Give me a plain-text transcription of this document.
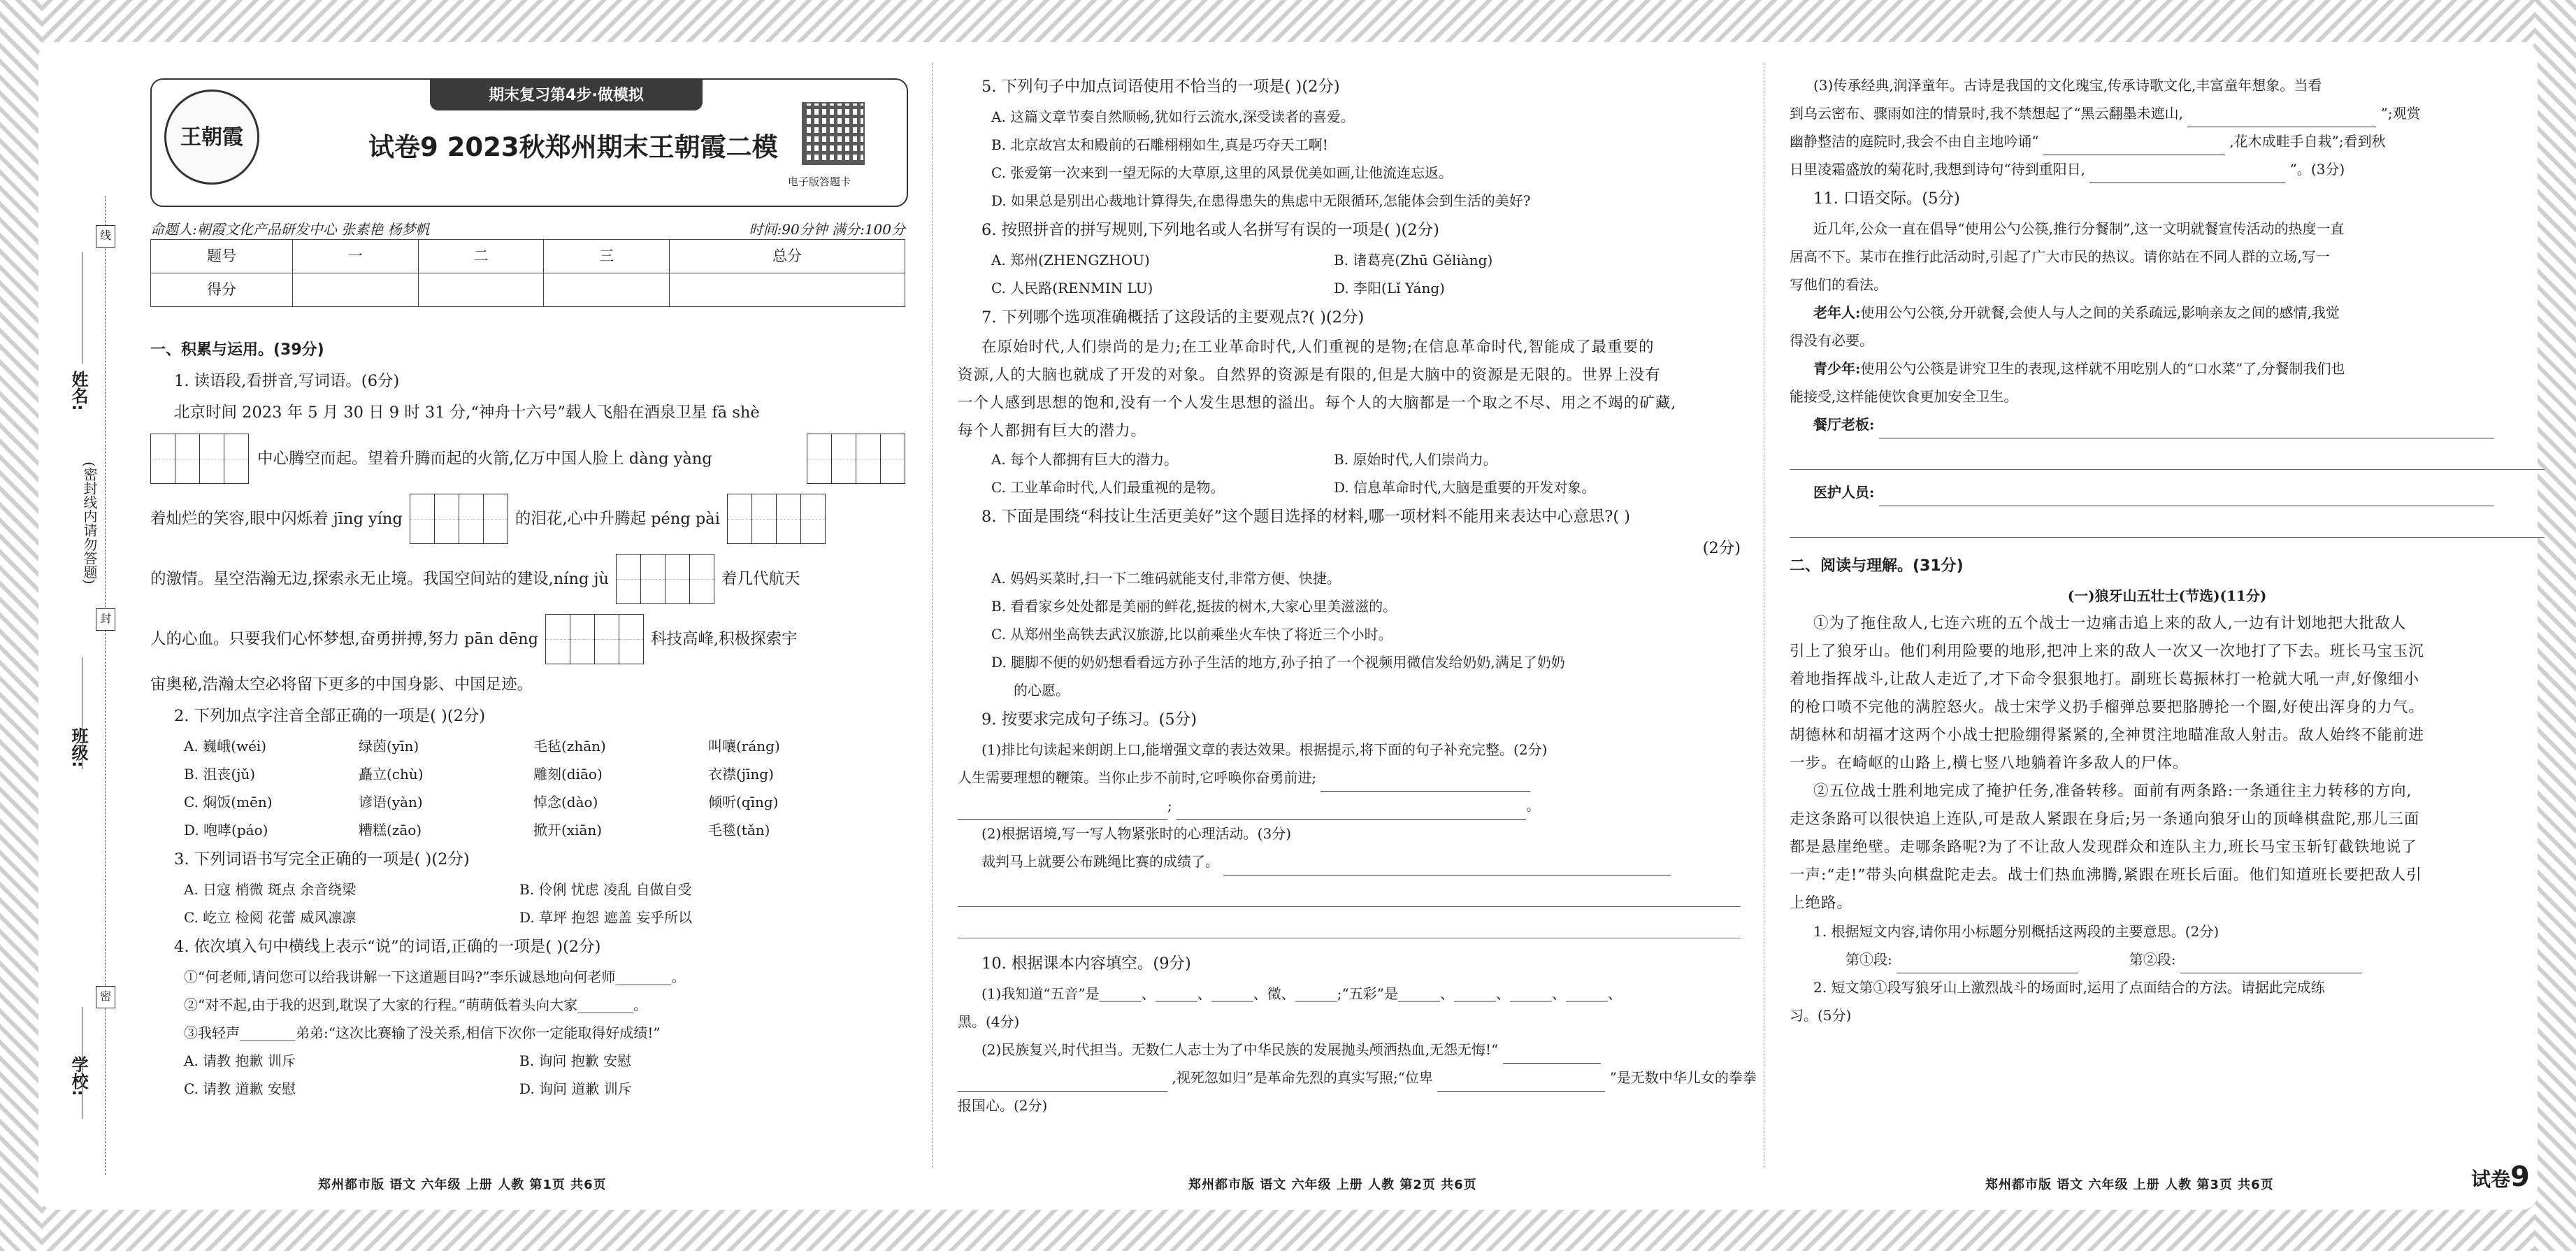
线
封
密
姓名:
(密封线内请勿答题)
班级:
学校:
王朝霞
期末复习第4步·做模拟
试卷9 2023秋郑州期末王朝霞二模
电子版答题卡
命题人:朝霞文化产品研发中心 张素艳 杨梦帆	时间:90分钟 满分:100分
题号	一	二	三	总分
得分				

一、积累与运用。(39分)

1. 读语段,看拼音,写词语。(6分)

北京时间 2023 年 5 月 30 日 9 时 31 分,“神舟十六号”载人飞船在酒泉卫星 fā shè

中心腾空而起。望着升腾而起的火箭,亿万中国人脸上 dàng yàng
着灿烂的笑容,眼中闪烁着 jīng yíng	的泪花,心中升腾起 péng pài
的激情。星空浩瀚无边,探索永无止境。我国空间站的建设,níng jù	着几代航天
人的心血。只要我们心怀梦想,奋勇拼搏,努力 pān dēng	科技高峰,积极探索宇

宙奥秘,浩瀚太空必将留下更多的中国身影、中国足迹。

2. 下列加点字注音全部正确的一项是( )(2分)

A. 巍峨(wéi)	绿茵(yīn)	毛毡(zhān)	叫嚷(ráng)
B. 沮丧(jǔ)	矗立(chù)	雕刻(diāo)	衣襟(jīng)
C. 焖饭(mēn)	谚语(yàn)	悼念(dào)	倾听(qīng)
D. 咆哮(páo)	糟糕(zāo)	掀开(xiān)	毛毯(tǎn)

3. 下列词语书写完全正确的一项是( )(2分)

A. 日寇 梢微 斑点 余音绕梁	B. 伶俐 忧虑 凌乱 自做自受
C. 屹立 检阅 花蕾 威风凛凛	D. 草坪 抱怨 遮盖 妄乎所以

4. 依次填入句中横线上表示“说”的词语,正确的一项是( )(2分)

①“何老师,请问您可以给我讲解一下这道题目吗?”李乐诚恳地向何老师________。

②“对不起,由于我的迟到,耽误了大家的行程。”萌萌低着头向大家________。

③我轻声________弟弟:“这次比赛输了没关系,相信下次你一定能取得好成绩!”

A. 请教 抱歉 训斥	B. 询问 抱歉 安慰
C. 请教 道歉 安慰	D. 询问 道歉 训斥
郑州都市版 语文 六年级 上册 人教 第1页 共6页

5. 下列句子中加点词语使用不恰当的一项是( )(2分)

A. 这篇文章节奏自然顺畅,犹如行云流水,深受读者的喜爱。

B. 北京故宫太和殿前的石雕栩栩如生,真是巧夺天工啊!

C. 张爱第一次来到一望无际的大草原,这里的风景优美如画,让他流连忘返。

D. 如果总是别出心裁地计算得失,在患得患失的焦虑中无限循环,怎能体会到生活的美好?

6. 按照拼音的拼写规则,下列地名或人名拼写有误的一项是( )(2分)

A. 郑州(ZHENGZHOU)	B. 诸葛亮(Zhū Gěliàng)
C. 人民路(RENMIN LU)	D. 李阳(Lǐ Yáng)

7. 下列哪个选项准确概括了这段话的主要观点?( )(2分)

在原始时代,人们崇尚的是力;在工业革命时代,人们重视的是物;在信息革命时代,智能成了最重要的

资源,人的大脑也就成了开发的对象。自然界的资源是有限的,但是大脑中的资源是无限的。世界上没有

一个人感到思想的饱和,没有一个人发生思想的溢出。每个人的大脑都是一个取之不尽、用之不竭的矿藏,

每个人都拥有巨大的潜力。

A. 每个人都拥有巨大的潜力。	B. 原始时代,人们崇尚力。
C. 工业革命时代,人们最重视的是物。	D. 信息革命时代,大脑是重要的开发对象。

8. 下面是围绕“科技让生活更美好”这个题目选择的材料,哪一项材料不能用来表达中心意思?( )

(2分)

A. 妈妈买菜时,扫一下二维码就能支付,非常方便、快捷。

B. 看看家乡处处都是美丽的鲜花,挺拔的树木,大家心里美滋滋的。

C. 从郑州坐高铁去武汉旅游,比以前乘坐火车快了将近三个小时。

D. 腿脚不便的奶奶想看看远方孙子生活的地方,孙子拍了一个视频用微信发给奶奶,满足了奶奶

的心愿。

9. 按要求完成句子练习。(5分)

(1)排比句读起来朗朗上口,能增强文章的表达效果。根据提示,将下面的句子补充完整。(2分)

人生需要理想的鞭策。当你止步不前时,它呼唤你奋勇前进;

;	。

(2)根据语境,写一写人物紧张时的心理活动。(3分)

裁判马上就要公布跳绳比赛的成绩了。

10. 根据课本内容填空。(9分)

(1)我知道“五音”是______、______、______、徵、______;“五彩”是______、______、______、______、

黑。(4分)

(2)民族复兴,时代担当。无数仁人志士为了中华民族的发展抛头颅洒热血,无怨无悔!“

,视死忽如归”是革命先烈的真实写照;“位卑	”是无数中华儿女的拳拳

报国心。(2分)

郑州都市版 语文 六年级 上册 人教 第2页 共6页

(3)传承经典,润泽童年。古诗是我国的文化瑰宝,传承诗歌文化,丰富童年想象。当看

到乌云密布、骤雨如注的情景时,我不禁想起了“黑云翻墨未遮山,	”;观赏

幽静整洁的庭院时,我会不由自主地吟诵“	,花木成畦手自栽”;看到秋

日里凌霜盛放的菊花时,我想到诗句“待到重阳日,	”。(3分)

11. 口语交际。(5分)

近几年,公众一直在倡导“使用公勺公筷,推行分餐制”,这一文明就餐宣传活动的热度一直

居高不下。某市在推行此活动时,引起了广大市民的热议。请你站在不同人群的立场,写一

写他们的看法。

老年人:使用公勺公筷,分开就餐,会使人与人之间的关系疏远,影响亲友之间的感情,我觉

得没有必要。

青少年:使用公勺公筷是讲究卫生的表现,这样就不用吃别人的“口水菜”了,分餐制我们也

能接受,这样能使饮食更加安全卫生。

餐厅老板:

医护人员:

二、阅读与理解。(31分)

(一)狼牙山五壮士(节选)(11分)

①为了拖住敌人,七连六班的五个战士一边痛击追上来的敌人,一边有计划地把大批敌人

引上了狼牙山。他们利用险要的地形,把冲上来的敌人一次又一次地打了下去。班长马宝玉沉

着地指挥战斗,让敌人走近了,才下命令狠狠地打。副班长葛振林打一枪就大吼一声,好像细小

的枪口喷不完他的满腔怒火。战士宋学义扔手榴弹总要把胳膊抡一个圈,好使出浑身的力气。

胡德林和胡福才这两个小战士把脸绷得紧紧的,全神贯注地瞄准敌人射击。敌人始终不能前进

一步。在崎岖的山路上,横七竖八地躺着许多敌人的尸体。

②五位战士胜利地完成了掩护任务,准备转移。面前有两条路:一条通往主力转移的方向,

走这条路可以很快追上连队,可是敌人紧跟在身后;另一条通向狼牙山的顶峰棋盘陀,那儿三面

都是悬崖绝壁。走哪条路呢?为了不让敌人发现群众和连队主力,班长马宝玉斩钉截铁地说了

一声:“走!”带头向棋盘陀走去。战士们热血沸腾,紧跟在班长后面。他们知道班长要把敌人引

上绝路。

1. 根据短文内容,请你用小标题分别概括这两段的主要意思。(2分)

第①段:	第②段:

2. 短文第①段写狼牙山上激烈战斗的场面时,运用了点面结合的方法。请据此完成练

习。(5分)

郑州都市版 语文 六年级 上册 人教 第3页 共6页	试卷9
